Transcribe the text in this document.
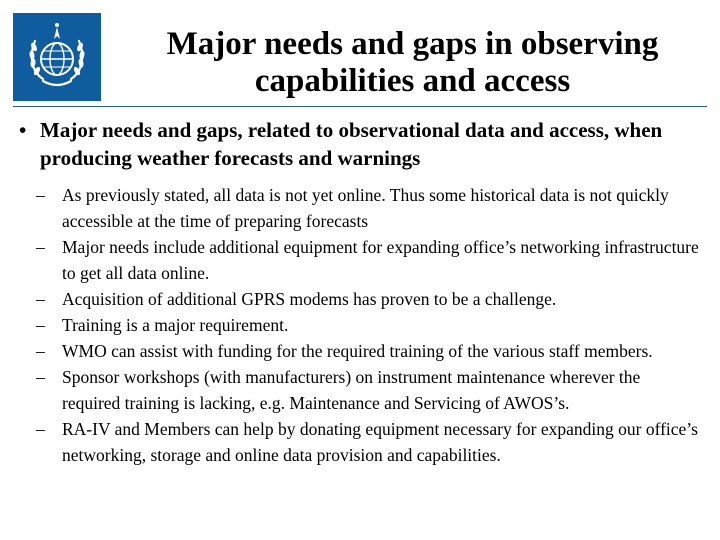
Major needs and gaps in observing
capabilities and access
• Major needs and gaps, related to observational data and access, when producing weather forecasts and warnings
–
As previously stated, all data is not yet online. Thus some historical data is not quickly accessible at the time of preparing forecasts
–
Major needs include additional equipment for expanding office’s networking infrastructure to get all data online.
–
Acquisition of additional GPRS modems has proven to be a challenge.
–
Training is a major requirement.
–
WMO can assist with funding for the required training of the various staff members.
–
Sponsor workshops (with manufacturers) on instrument maintenance wherever the required training is lacking, e.g. Maintenance and Servicing of AWOS’s.
–
RA-IV and Members can help by donating equipment necessary for expanding our office’s networking, storage and online data provision and capabilities.
